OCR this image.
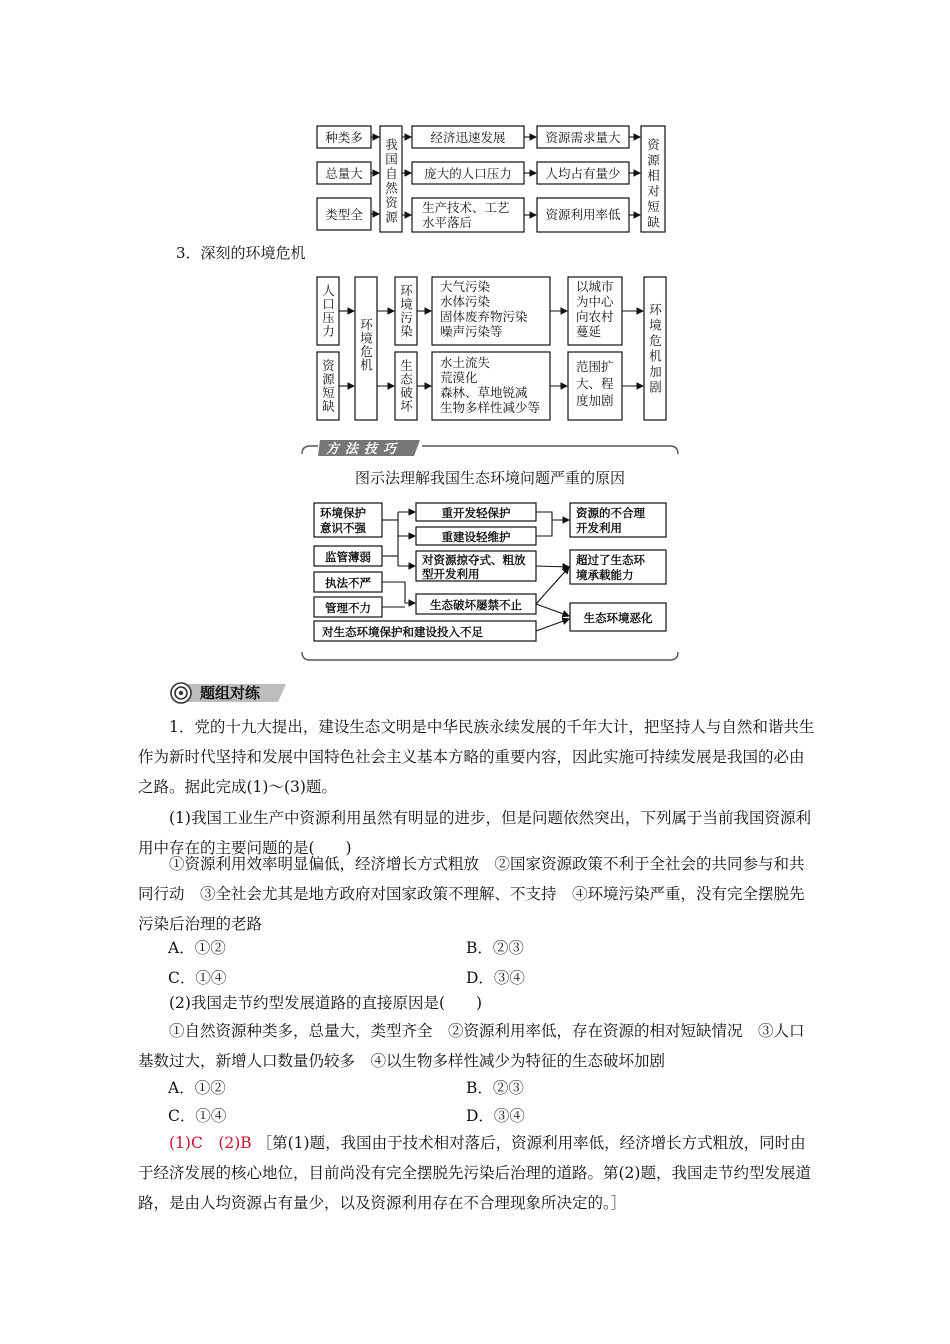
种类多
总量大
类型全
经济迅速发展	资源需求量大
庞大的人口压力	人均占有量少
生产技术、工艺
水平落后
资源利用率低
我国自然资源	资源相对短缺
3．深刻的环境危机
大气污染
水体污染
固体废弃物污染
噪声污染等
水土流失
荒漠化
森林、草地锐减
生物多样性减少等
以城市
为中心
向农村
蔓延
范围扩
大、程
度加剧
人口压力
资源短缺
环境危机
环境污染
生态破坏	环境危机加剧
方法技巧
图示法理解我国生态环境问题严重的原因
环境保护
意识不强
监管薄弱
执法不严
管理不力
对生态环境保护和建设投入不足
重开发轻保护
重建设轻维护
对资源掠夺式、粗放
型开发利用
生态破坏屡禁不止
资源的不合理
开发利用
超过了生态环
境承载能力
生态环境恶化
题组对练
1．党的十九大提出，建设生态文明是中华民族永续发展的千年大计，把坚持人与自然和谐共生作为新时代坚持和发展中国特色社会主义基本方略的重要内容，因此实施可持续发展是我国的必由之路。据此完成(1)～(3)题。
(1)我国工业生产中资源利用虽然有明显的进步，但是问题依然突出，下列属于当前我国资源利用中存在的主要问题的是(　　)
①资源利用效率明显偏低，经济增长方式粗放　②国家资源政策不利于全社会的共同参与和共同行动　③全社会尤其是地方政府对国家政策不理解、不支持　④环境污染严重，没有完全摆脱先污染后治理的老路
A．①②	B．②③
C．①④	D．③④
(2)我国走节约型发展道路的直接原因是(　　)
①自然资源种类多，总量大，类型齐全　②资源利用率低，存在资源的相对短缺情况　③人口基数过大，新增人口数量仍较多　④以生物多样性减少为特征的生态破坏加剧
A．①②	B．②③
C．①④	D．③④
(1)C　(2)B ［第(1)题，我国由于技术相对落后，资源利用率低，经济增长方式粗放，同时由于经济发展的核心地位，目前尚没有完全摆脱先污染后治理的道路。第(2)题，我国走节约型发展道路，是由人均资源占有量少，以及资源利用存在不合理现象所决定的。］
